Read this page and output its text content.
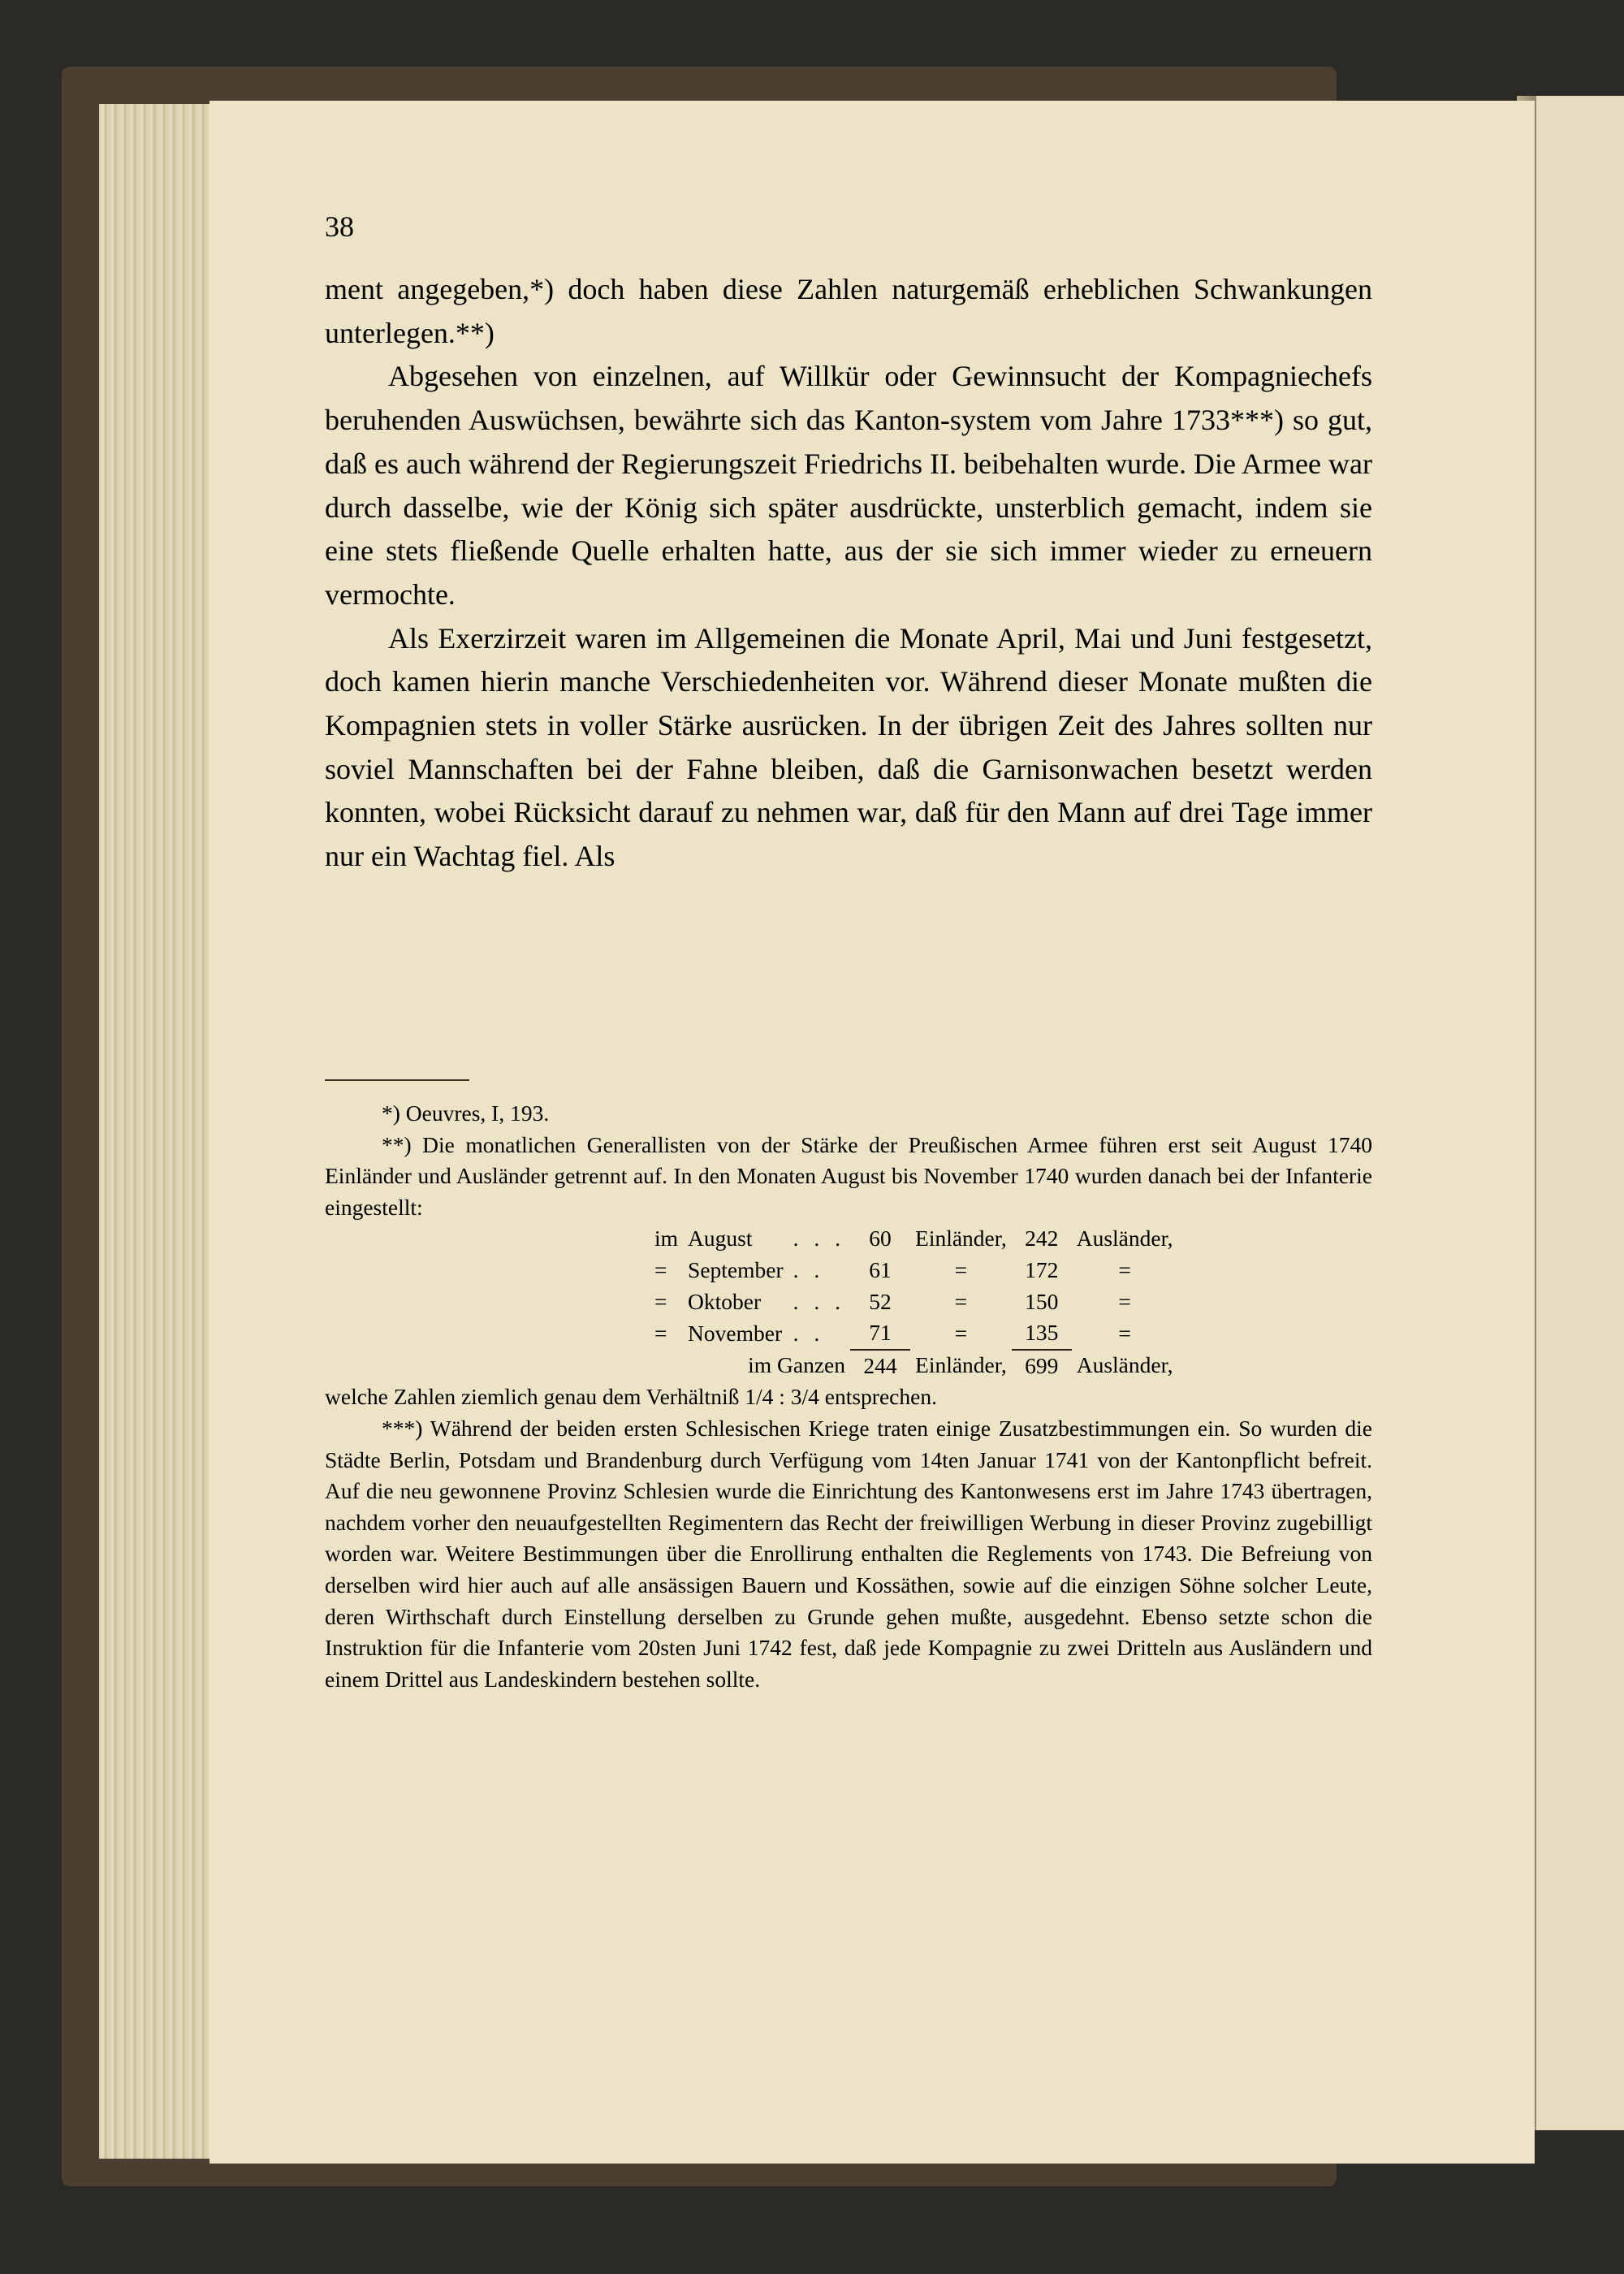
38

ment angegeben,*) doch haben diese Zahlen naturgemäß erheblichen Schwankungen unterlegen.**)

Abgesehen von einzelnen, auf Willkür oder Gewinnsucht der Kompagniechefs beruhenden Auswüchsen, bewährte sich das Kanton-system vom Jahre 1733***) so gut, daß es auch während der Regierungszeit Friedrichs II. beibehalten wurde. Die Armee war durch dasselbe, wie der König sich später ausdrückte, unsterblich gemacht, indem sie eine stets fließende Quelle erhalten hatte, aus der sie sich immer wieder zu erneuern vermochte.

Als Exerzirzeit waren im Allgemeinen die Monate April, Mai und Juni festgesetzt, doch kamen hierin manche Verschiedenheiten vor. Während dieser Monate mußten die Kompagnien stets in voller Stärke ausrücken. In der übrigen Zeit des Jahres sollten nur soviel Mannschaften bei der Fahne bleiben, daß die Garnisonwachen besetzt werden konnten, wobei Rücksicht darauf zu nehmen war, daß für den Mann auf drei Tage immer nur ein Wachtag fiel. Als

*) Oeuvres, I, 193.

**) Die monatlichen Generallisten von der Stärke der Preußischen Armee führen erst seit August 1740 Einländer und Ausländer getrennt auf. In den Monaten August bis November 1740 wurden danach bei der Infanterie eingestellt:

im	August	. . .	60	Einländer,	242	Ausländer,
=	September	. .	61	=	172	=
=	Oktober	. . .	52	=	150	=
=	November	. .	71	=	135	=
im Ganzen			244	Einländer,	699	Ausländer,

welche Zahlen ziemlich genau dem Verhältniß 1/4 : 3/4 entsprechen.

***) Während der beiden ersten Schlesischen Kriege traten einige Zusatzbestimmungen ein. So wurden die Städte Berlin, Potsdam und Brandenburg durch Verfügung vom 14ten Januar 1741 von der Kantonpflicht befreit. Auf die neu gewonnene Provinz Schlesien wurde die Einrichtung des Kantonwesens erst im Jahre 1743 übertragen, nachdem vorher den neuaufgestellten Regimentern das Recht der freiwilligen Werbung in dieser Provinz zugebilligt worden war. Weitere Bestimmungen über die Enrollirung enthalten die Reglements von 1743. Die Befreiung von derselben wird hier auch auf alle ansässigen Bauern und Kossäthen, sowie auf die einzigen Söhne solcher Leute, deren Wirthschaft durch Einstellung derselben zu Grunde gehen mußte, ausgedehnt. Ebenso setzte schon die Instruktion für die Infanterie vom 20sten Juni 1742 fest, daß jede Kompagnie zu zwei Dritteln aus Ausländern und einem Drittel aus Landeskindern bestehen sollte.
